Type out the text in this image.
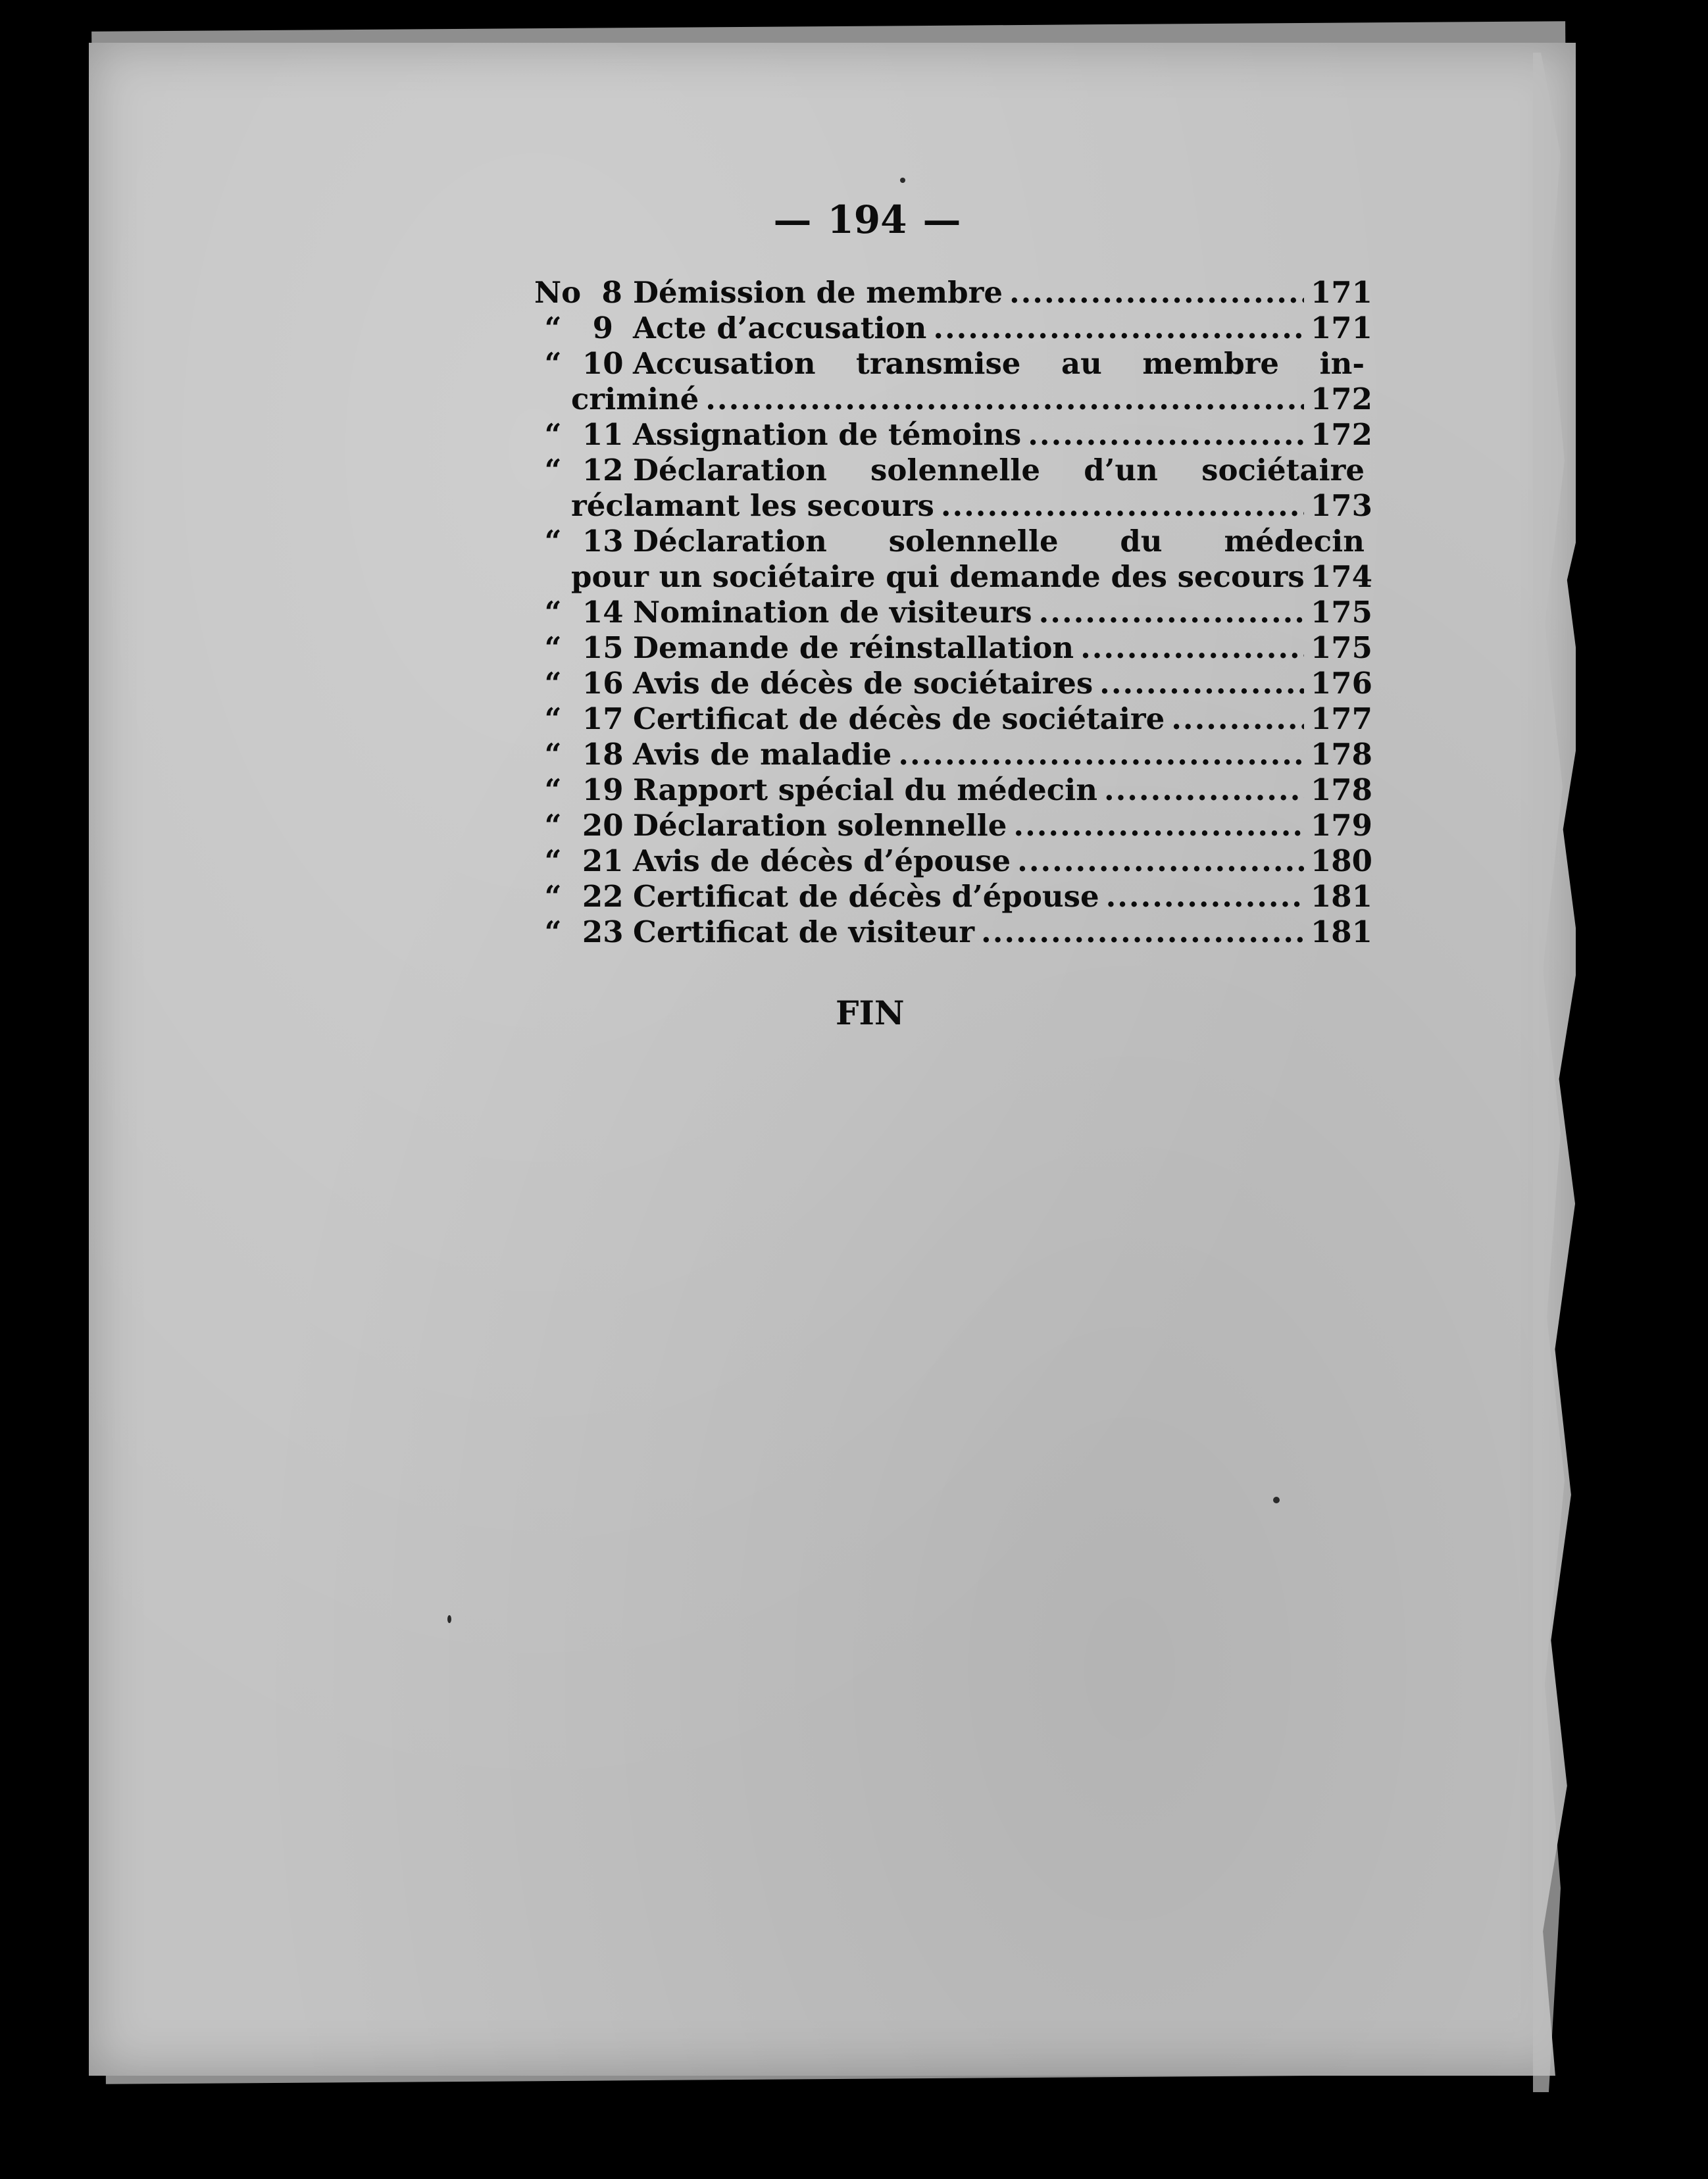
— 194 —
No 8 Démission de membre .....	171
“ 9 Acte d’accusation .....	171
“ 10 Accusation transmise au membre in-
criminé .....	172
“ 11 Assignation de témoins .....	172
“ 12 Déclaration solennelle d’un sociétaire
réclamant les secours .....	173
“ 13 Déclaration solennelle du médecin
pour un sociétaire qui demande des secours 174
“ 14 Nomination de visiteurs .....	175
“ 15 Demande de réinstallation .....	175
“ 16 Avis de décès de sociétaires .....	176
“ 17 Certificat de décès de sociétaire .....	177
“ 18 Avis de maladie .....	178
“ 19 Rapport spécial du médecin .....	178
“ 20 Déclaration solennelle .....	179
“ 21 Avis de décès d’épouse .....	180
“ 22 Certificat de décès d’épouse .....	181
“ 23 Certificat de visiteur .....	181
FIN
